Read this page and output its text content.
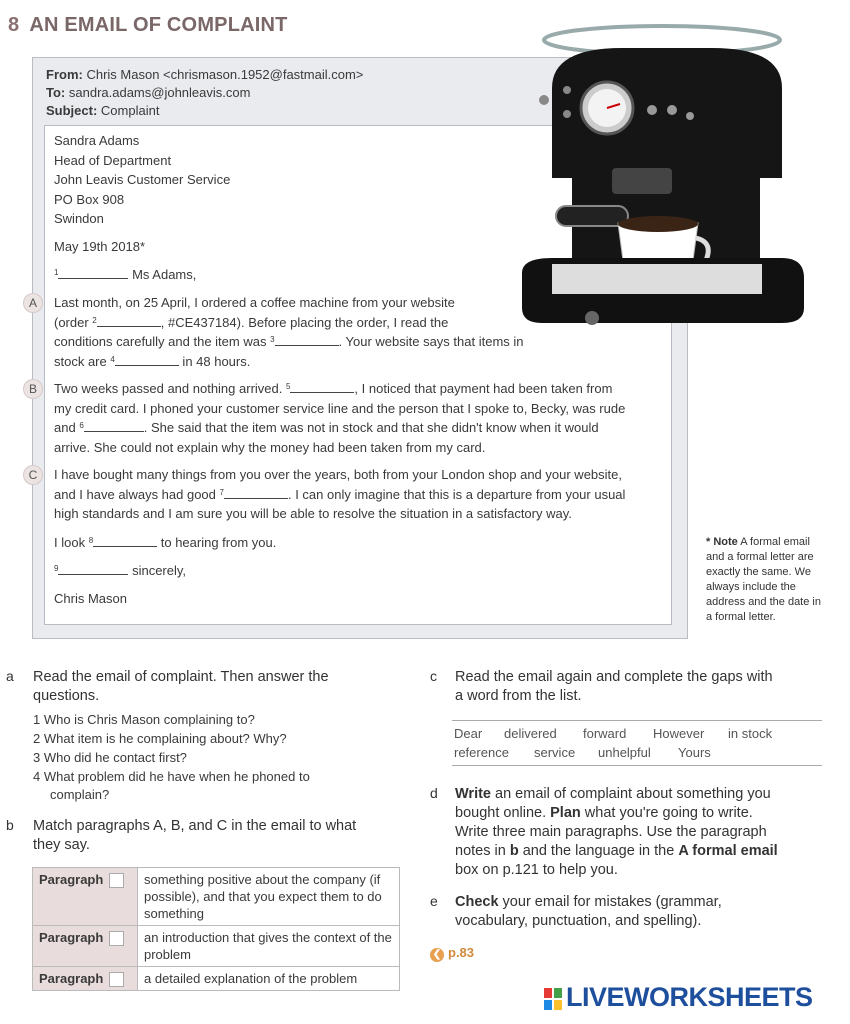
8 AN EMAIL OF COMPLAINT
From: Chris Mason <chrismason.1952@fastmail.com>
To: sandra.adams@johnleavis.com
Subject: Complaint
Sandra Adams
Head of Department
John Leavis Customer Service
PO Box 908
Swindon
May 19th 2018*
$^1$	Ms Adams,
A	Last month, on 25 April, I ordered a coffee machine from your website
(order $^2$	, #CE437184). Before placing the order, I read the
conditions carefully and the item was $^3$	. Your website says that items in
stock are $^4$	in 48 hours.
B	Two weeks passed and nothing arrived. $^5$	, I noticed that payment had been taken from
my credit card. I phoned your customer service line and the person that I spoke to, Becky, was rude
and $^6$	. She said that the item was not in stock and that she didn't know when it would
arrive. She could not explain why the money had been taken from my card.
C	I have bought many things from you over the years, both from your London shop and your website,
and I have always had good $^7$	. I can only imagine that this is a departure from your usual
high standards and I am sure you will be able to resolve the situation in a satisfactory way.
I look $^8$	to hearing from you.
$^9$	sincerely,
Chris Mason
* Note A formal email and a formal letter are exactly the same. We always include the address and the date in a formal letter.
a Read the email of complaint. Then answer the
questions.
1 Who is Chris Mason complaining to?
2 What item is he complaining about? Why?
3 Who did he contact first?
4 What problem did he have when he phoned to
complain?
b Match paragraphs A, B, and C in the email to what
they say.
Paragraph	something positive about the company (if possible), and that you expect them to do something
Paragraph	an introduction that gives the context of the problem
Paragraph	a detailed explanation of the problem
c Read the email again and complete the gaps with
a word from the list.
Dear delivered forward However in stock
reference service unhelpful Yours
d Write an email of complaint about something you
bought online. Plan what you're going to write.
Write three main paragraphs. Use the paragraph
notes in b and the language in the A formal email
box on p.121 to help you.
e Check your email for mistakes (grammar,
vocabulary, punctuation, and spelling).
❮ p.83
LIVEWORKSHEETS
